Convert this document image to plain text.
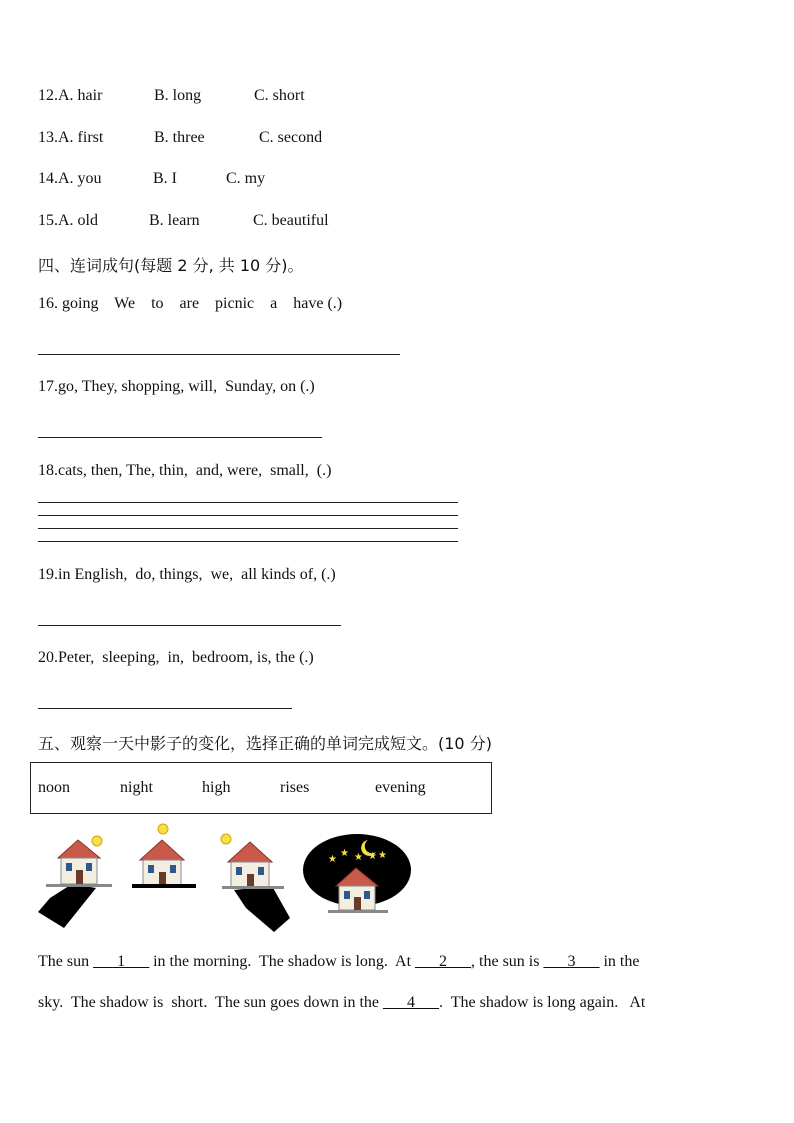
12.A. hair	B. long	C. short
13.A. first	B. three	C. second
14.A. you	B. I	C. my
15.A. old	B. learn	C. beautiful
四、连词成句(每题 2 分, 共 10 分)。
16. going    We    to    are    picnic    a    have (.)
17.go, They, shopping, will,  Sunday, on (.)
18.cats, then, The, thin,  and, were,  small,  (.)
19.in English,  do, things,  we,  all kinds of, (.)
20.Peter,  sleeping,  in,  bedroom, is, the (.)
五、观察一天中影子的变化，选择正确的单词完成短文。(10 分)
noon	night	high	rises	evening
★
★ ★ ★ ★
The sun ___1___ in the morning.  The shadow is long.  At ___2___, the sun is ___3___ in the
sky.  The shadow is  short.  The sun goes down in the ___4___.  The shadow is long again.   At
